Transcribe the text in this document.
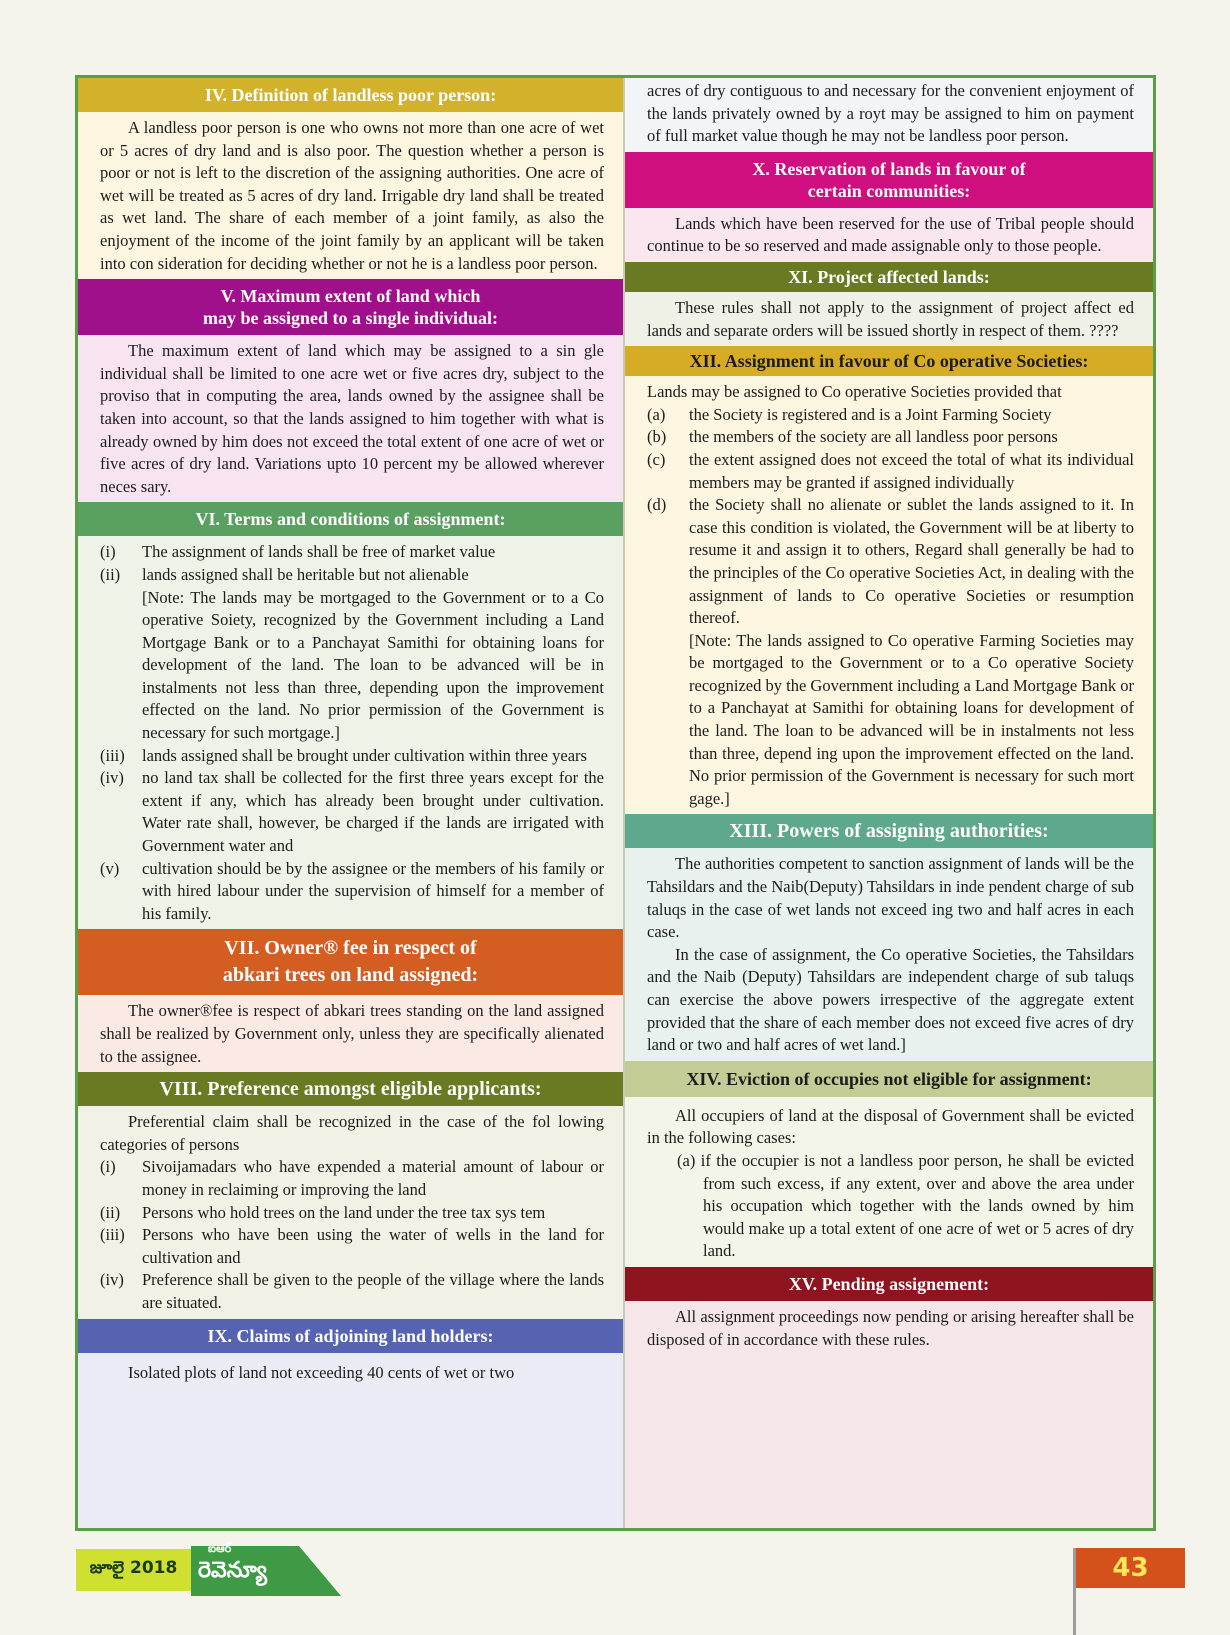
IV. Definition of landless poor person:

A landless poor person is one who owns not more than one acre of wet or 5 acres of dry land and is also poor. The question whether a person is poor or not is left to the discretion of the assigning authorities. One acre of wet will be treated as 5 acres of dry land. Irrigable dry land shall be treated as wet land. The share of each member of a joint family, as also the enjoyment of the income of the joint family by an applicant will be taken into con sideration for deciding whether or not he is a landless poor person.

V. Maximum extent of land which
may be assigned to a single individual:

The maximum extent of land which may be assigned to a sin gle individual shall be limited to one acre wet or five acres dry, subject to the proviso that in computing the area, lands owned by the assignee shall be taken into account, so that the lands assigned to him together with what is already owned by him does not exceed the total extent of one acre of wet or five acres of dry land. Variations upto 10 percent my be allowed wherever neces sary.

VI. Terms and conditions of assignment:
(i)	The assignment of lands shall be free of market value
(ii)	lands assigned shall be heritable but not alienable

[Note: The lands may be mortgaged to the Government or to a Co operative Soiety, recognized by the Government including a Land Mortgage Bank or to a Panchayat Samithi for obtaining loans for development of the land. The loan to be advanced will be in instalments not less than three, depending upon the improvement effected on the land. No prior permission of the Government is necessary for such mortgage.]

(iii)	lands assigned shall be brought under cultivation within three years
(iv)	no land tax shall be collected for the first three years except for the extent if any, which has already been brought under cultivation. Water rate shall, however, be charged if the lands are irrigated with Government water and
(v)	cultivation should be by the assignee or the members of his family or with hired labour under the supervision of himself for a member of his family.
VII. Owner® fee in respect of
abkari trees on land assigned:

The owner®fee is respect of abkari trees standing on the land assigned shall be realized by Government only, unless they are specifically alienated to the assignee.

VIII. Preference amongst eligible applicants:

Preferential claim shall be recognized in the case of the fol lowing categories of persons

(i)	Sivoijamadars who have expended a material amount of labour or money in reclaiming or improving the land
(ii)	Persons who hold trees on the land under the tree tax sys tem
(iii)	Persons who have been using the water of wells in the land for cultivation and
(iv)	Preference shall be given to the people of the village where the lands are situated.
IX. Claims of adjoining land holders:

Isolated plots of land not exceeding 40 cents of wet or two

acres of dry contiguous to and necessary for the convenient enjoyment of the lands privately owned by a royt may be assigned to him on payment of full market value though he may not be landless poor person.

X. Reservation of lands in favour of
certain communities:

Lands which have been reserved for the use of Tribal people should continue to be so reserved and made assignable only to those people.

XI. Project affected lands:

These rules shall not apply to the assignment of project affect ed lands and separate orders will be issued shortly in respect of them. ????

XII. Assignment in favour of Co operative Societies:

Lands may be assigned to Co operative Societies provided that

(a)	the Society is registered and is a Joint Farming Society
(b)	the members of the society are all landless poor persons
(c)	the extent assigned does not exceed the total of what its individual members may be granted if assigned individually
(d)	the Society shall no alienate or sublet the lands assigned to it. In case this condition is violated, the Government will be at liberty to resume it and assign it to others, Regard shall generally be had to the principles of the Co operative Societies Act, in dealing with the assignment of lands to Co operative Societies or resumption thereof.

[Note: The lands assigned to Co operative Farming Societies may be mortgaged to the Government or to a Co operative Society recognized by the Government including a Land Mortgage Bank or to a Panchayat at Samithi for obtaining loans for development of the land. The loan to be advanced will be in instalments not less than three, depend ing upon the improvement effected on the land. No prior permission of the Government is necessary for such mort gage.]

XIII. Powers of assigning authorities:

The authorities competent to sanction assignment of lands will be the Tahsildars and the Naib(Deputy) Tahsildars in inde pendent charge of sub taluqs in the case of wet lands not exceed ing two and half acres in each case.

In the case of assignment, the Co operative Societies, the Tahsildars and the Naib (Deputy) Tahsildars are independent charge of sub taluqs can exercise the above powers irrespective of the aggregate extent provided that the share of each member does not exceed five acres of dry land or two and half acres of wet land.]

XIV. Eviction of occupies not eligible for assignment:

All occupiers of land at the disposal of Government shall be evicted in the following cases:

(a) if the occupier is not a landless poor person, he shall be evicted from such excess, if any extent, over and above the area under his occupation which together with the lands owned by him would make up a total extent of one acre of wet or 5 acres of dry land.

XV. Pending assignement:

All assignment proceedings now pending or arising hereafter shall be disposed of in accordance with these rules.

జూలై 2018
ఐఆర్
రెవెన్యూ	43
